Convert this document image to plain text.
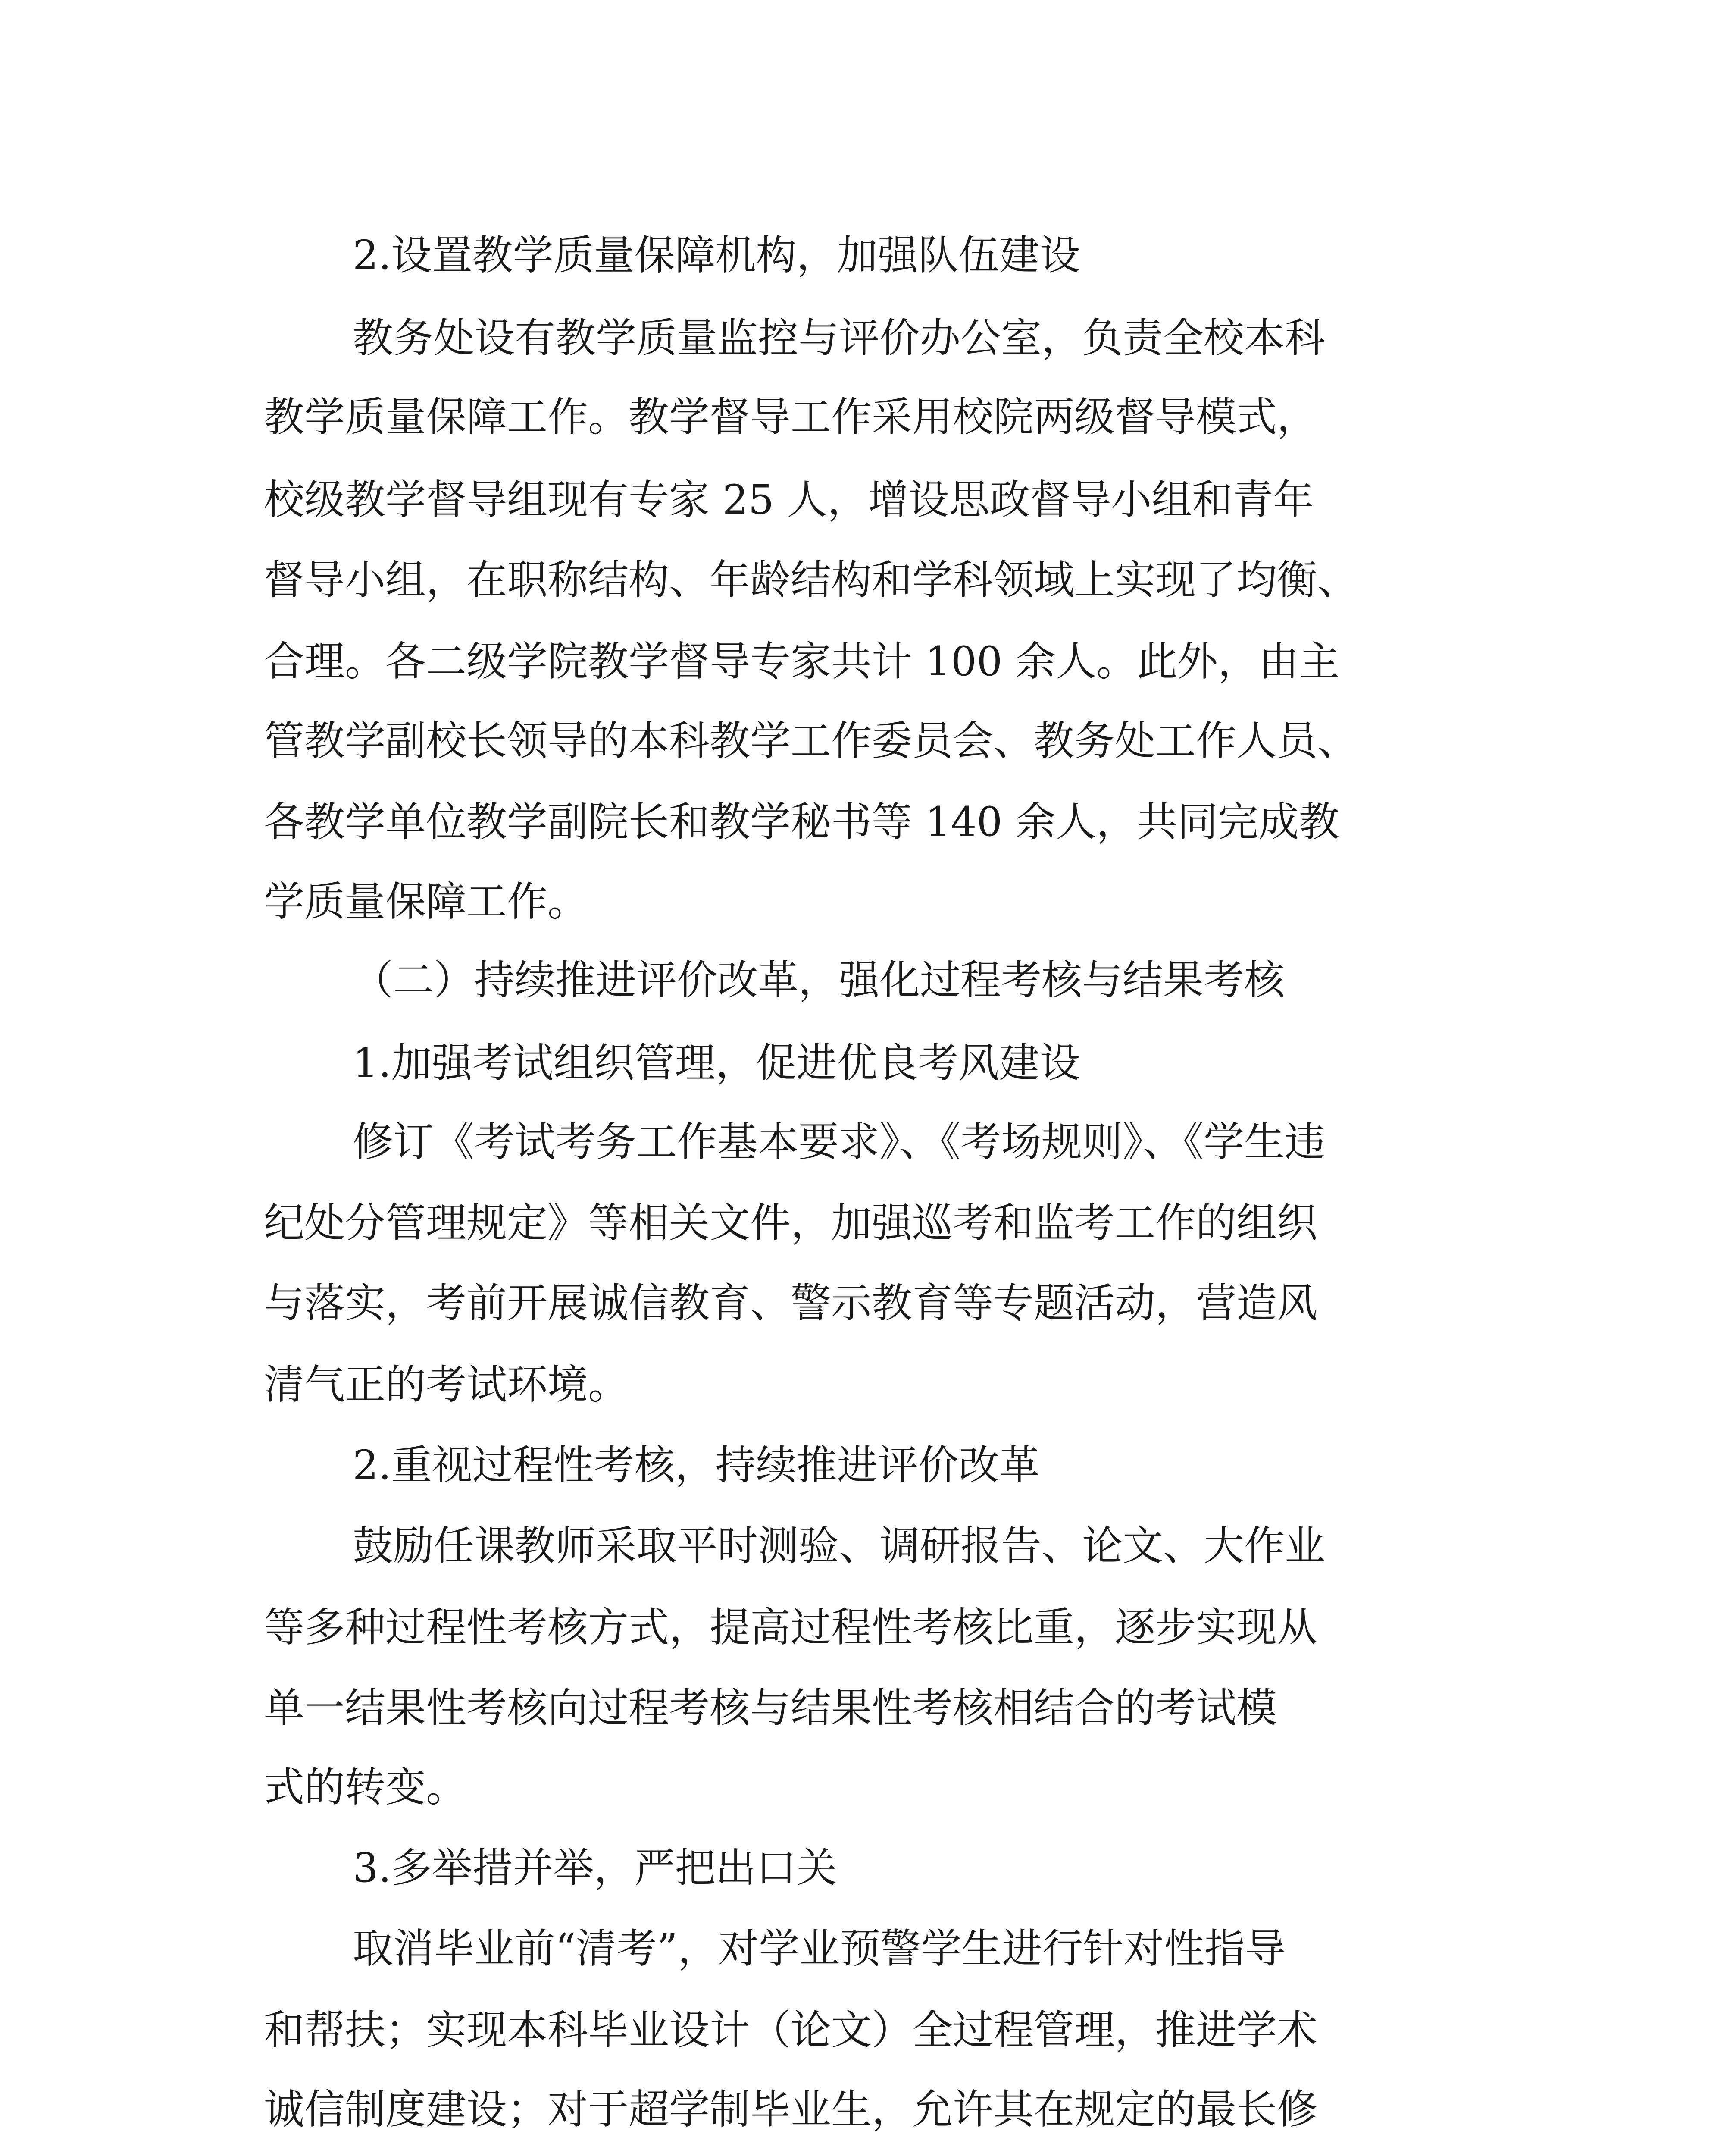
2.设置教学质量保障机构，加强队伍建设
教务处设有教学质量监控与评价办公室，负责全校本科
教学质量保障工作。教学督导工作采用校院两级督导模式，
校级教学督导组现有专家 25 人，增设思政督导小组和青年
督导小组，在职称结构、年龄结构和学科领域上实现了均衡、
合理。各二级学院教学督导专家共计 100 余人。此外，由主
管教学副校长领导的本科教学工作委员会、教务处工作人员、
各教学单位教学副院长和教学秘书等 140 余人，共同完成教
学质量保障工作。
（二）持续推进评价改革，强化过程考核与结果考核
1.加强考试组织管理，促进优良考风建设
修订《考试考务工作基本要求》、《考场规则》、《学生违
纪处分管理规定》等相关文件，加强巡考和监考工作的组织
与落实，考前开展诚信教育、警示教育等专题活动，营造风
清气正的考试环境。
2.重视过程性考核，持续推进评价改革
鼓励任课教师采取平时测验、调研报告、论文、大作业
等多种过程性考核方式，提高过程性考核比重，逐步实现从
单一结果性考核向过程考核与结果性考核相结合的考试模
式的转变。
3.多举措并举，严把出口关
取消毕业前“清考”，对学业预警学生进行针对性指导
和帮扶；实现本科毕业设计（论文）全过程管理，推进学术
诚信制度建设；对于超学制毕业生，允许其在规定的最长修
